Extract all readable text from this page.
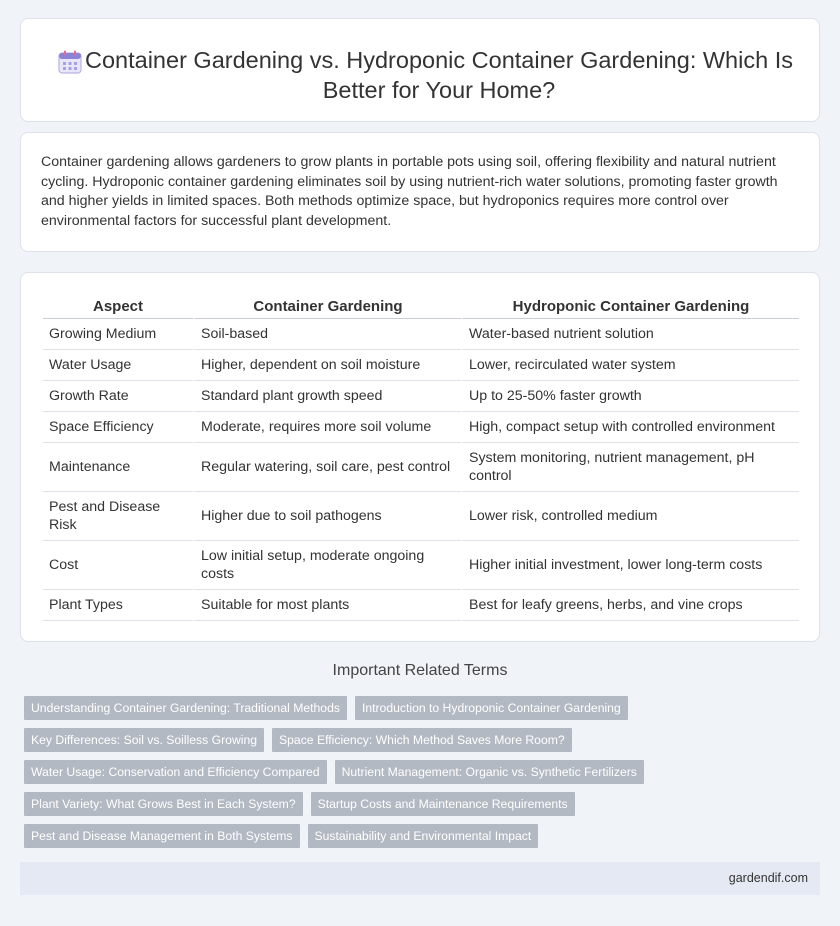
Container Gardening vs. Hydroponic Container Gardening: Which Is Better for Your Home?

Container gardening allows gardeners to grow plants in portable pots using soil, offering flexibility and natural nutrient cycling. Hydroponic container gardening eliminates soil by using nutrient-rich water solutions, promoting faster growth and higher yields in limited spaces. Both methods optimize space, but hydroponics requires more control over environmental factors for successful plant development.

Aspect	Container Gardening	Hydroponic Container Gardening
Growing Medium	Soil-based	Water-based nutrient solution
Water Usage	Higher, dependent on soil moisture	Lower, recirculated water system
Growth Rate	Standard plant growth speed	Up to 25-50% faster growth
Space Efficiency	Moderate, requires more soil volume	High, compact setup with controlled environment
Maintenance	Regular watering, soil care, pest control	System monitoring, nutrient management, pH control
Pest and Disease Risk	Higher due to soil pathogens	Lower risk, controlled medium
Cost	Low initial setup, moderate ongoing costs	Higher initial investment, lower long-term costs
Plant Types	Suitable for most plants	Best for leafy greens, herbs, and vine crops
Important Related Terms
Understanding Container Gardening: Traditional Methods	Introduction to Hydroponic Container Gardening
Key Differences: Soil vs. Soilless Growing	Space Efficiency: Which Method Saves More Room?
Water Usage: Conservation and Efficiency Compared	Nutrient Management: Organic vs. Synthetic Fertilizers
Plant Variety: What Grows Best in Each System?	Startup Costs and Maintenance Requirements
Pest and Disease Management in Both Systems	Sustainability and Environmental Impact
gardendif.com
